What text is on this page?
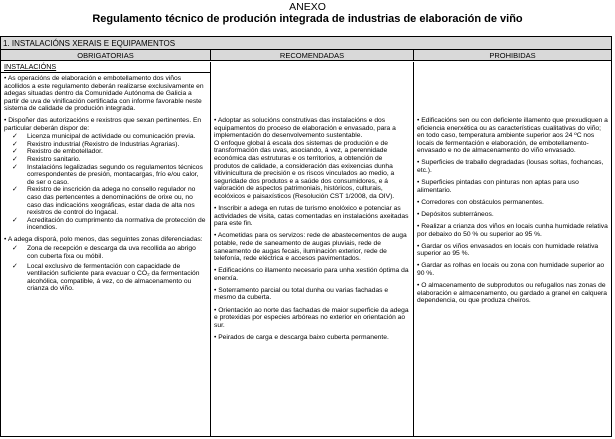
ANEXO
Regulamento técnico de produción integrada de industrias de elaboración de viño
1. INSTALACIÓNS XERAIS E EQUIPAMENTOS
OBRIGATORIAS	RECOMENDADAS	PROHIBIDAS
INSTALACIÓNS

• As operacións de elaboración e embotellamento dos viños acollidos a este regulamento deberán realizarse exclusivamente en adegas situadas dentro da Comunidade Autónoma de Galicia a partir de uva de vinificación certificada con informe favorable neste sistema de calidade de produción integrada.

• Dispoñer das autorizacións e rexistros que sexan pertinentes. En particular deberán dispor de:

✓ Licenza municipal de actividade ou comunicación previa.
✓ Rexistro industrial (Rexistro de Industrias Agrarias).
✓ Rexistro de embotellador.
✓ Rexistro sanitario.
✓ Instalacións legalizadas segundo os regulamentos técnicos correspondentes de presión, montacargas, frío e/ou calor, de ser o caso.
✓ Rexistro de inscrición da adega no consello regulador no caso das pertencentes a denominacións de orixe ou, no caso das indicacións xeográficas, estar dada de alta nos rexistros de control do Ingacal.
✓ Acreditación do cumprimento da normativa de protección de incendios.

• A adega disporá, polo menos, das seguintes zonas diferenciadas:

✓ Zona de recepción e descarga da uva recollida ao abrigo con cuberta fixa ou móbil.
✓ Local exclusivo de fermentación con capacidade de ventilación suficiente para evacuar o CO₂ da fermentación alcohólica, compatible, á vez, co de almacenamento ou crianza do viño.

• Adoptar as solucións construtivas das instalacións e dos equipamentos do proceso de elaboración e envasado, para a implementación do desenvolvemento sustentable.

O enfoque global á escala dos sistemas de produción e de transformación das uvas, asociando, á vez, a perennidade económica das estruturas e os territorios, a obtención de produtos de calidade, a consideración das exixencias dunha vitivinicultura de precisión e os riscos vinculados ao medio, a seguridade dos produtos e a saúde dos consumidores, e á valoración de aspectos patrimoniais, históricos, culturais, ecolóxicos e paisaxísticos (Resolución CST 1/2008, da OIV).

• Inscribir a adega en rutas de turismo enolóxico e potenciar as actividades de visita, catas comentadas en instalacións axeitadas para este fin.

• Acometidas para os servizos: rede de abastecementos de auga potable, rede de saneamento de augas pluviais, rede de saneamento de augas fecais, iluminación exterior, rede de telefonía, rede eléctrica e accesos pavimentados.

• Edificacións co illamento necesario para unha xestión óptima da enerxía.

• Soterramento parcial ou total dunha ou varias fachadas e mesmo da cuberta.

• Orientación ao norte das fachadas de maior superficie da adega e protexidas por especies arbóreas no exterior en orientación ao sur.

• Peirados de carga e descarga baixo cuberta permanente.

• Edificacións sen ou con deficiente illamento que prexudiquen a eficiencia enerxética ou as características cualitativas do viño; en todo caso, temperatura ambiente superior aos 24 ºC nos locais de fermentación e elaboración, de embotellamento-envasado e no de almacenamento do viño envasado.

• Superficies de traballo degradadas (lousas soltas, fochancas, etc.).

• Superficies pintadas con pinturas non aptas para uso alimentario.

• Corredores con obstáculos permanentes.

• Depósitos subterráneos.

• Realizar a crianza dos viños en locais cunha humidade relativa por debaixo do 50 % ou superior ao 95 %.

• Gardar os viños envasados en locais con humidade relativa superior ao 95 %.

• Gardar as rolhas en locais ou zona con humidade superior ao 90 %.

• O almacenamento de subprodutos ou refugallos nas zonas de elaboración e almacenamento, ou gardado a granel en calquera dependencia, ou que produza cheiros.
